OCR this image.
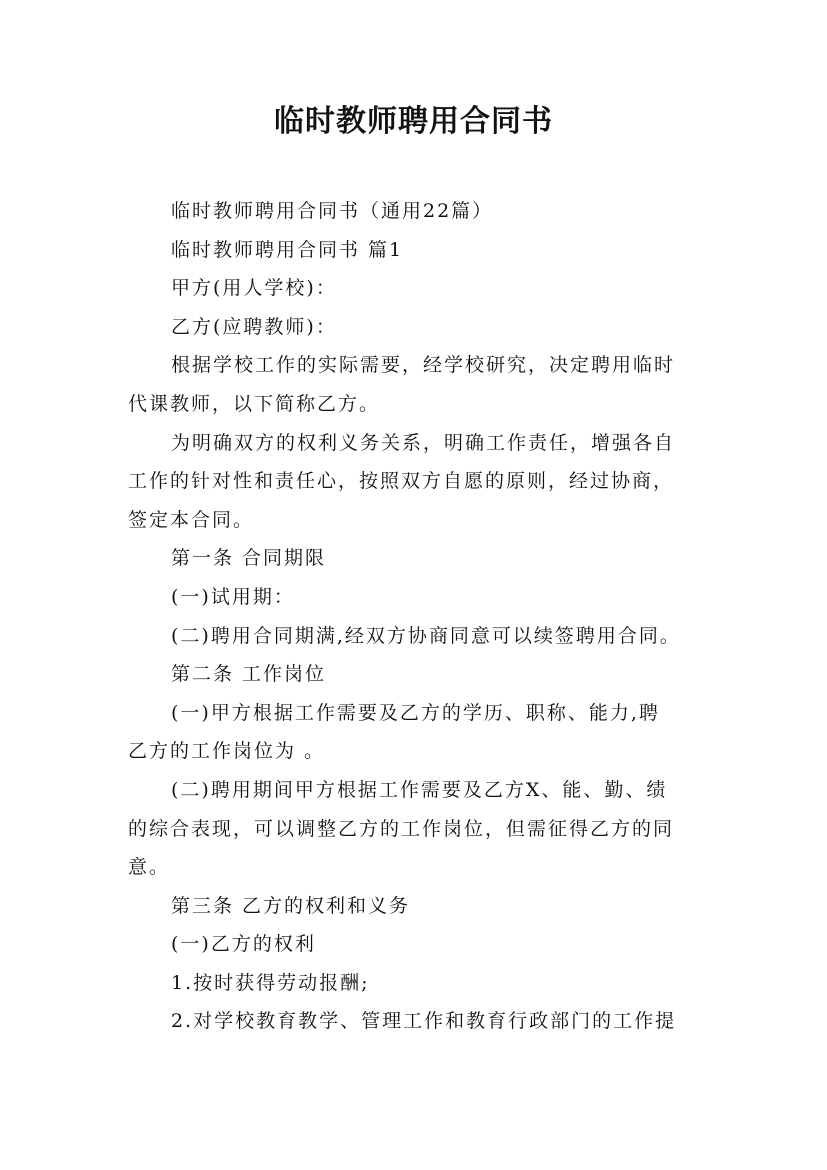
临时教师聘用合同书
临时教师聘用合同书（通用22篇）
临时教师聘用合同书 篇1
甲方(用人学校)：
乙方(应聘教师)：
根据学校工作的实际需要，经学校研究，决定聘用临时
代课教师，以下简称乙方。
为明确双方的权利义务关系，明确工作责任，增强各自
工作的针对性和责任心，按照双方自愿的原则，经过协商，
签定本合同。
第一条 合同期限
(一)试用期：
(二)聘用合同期满,经双方协商同意可以续签聘用合同。
第二条 工作岗位
(一)甲方根据工作需要及乙方的学历、职称、能力,聘
乙方的工作岗位为 。
(二)聘用期间甲方根据工作需要及乙方X、能、勤、绩
的综合表现，可以调整乙方的工作岗位，但需征得乙方的同
意。
第三条 乙方的权利和义务
(一)乙方的权利
1.按时获得劳动报酬;
2.对学校教育教学、管理工作和教育行政部门的工作提
